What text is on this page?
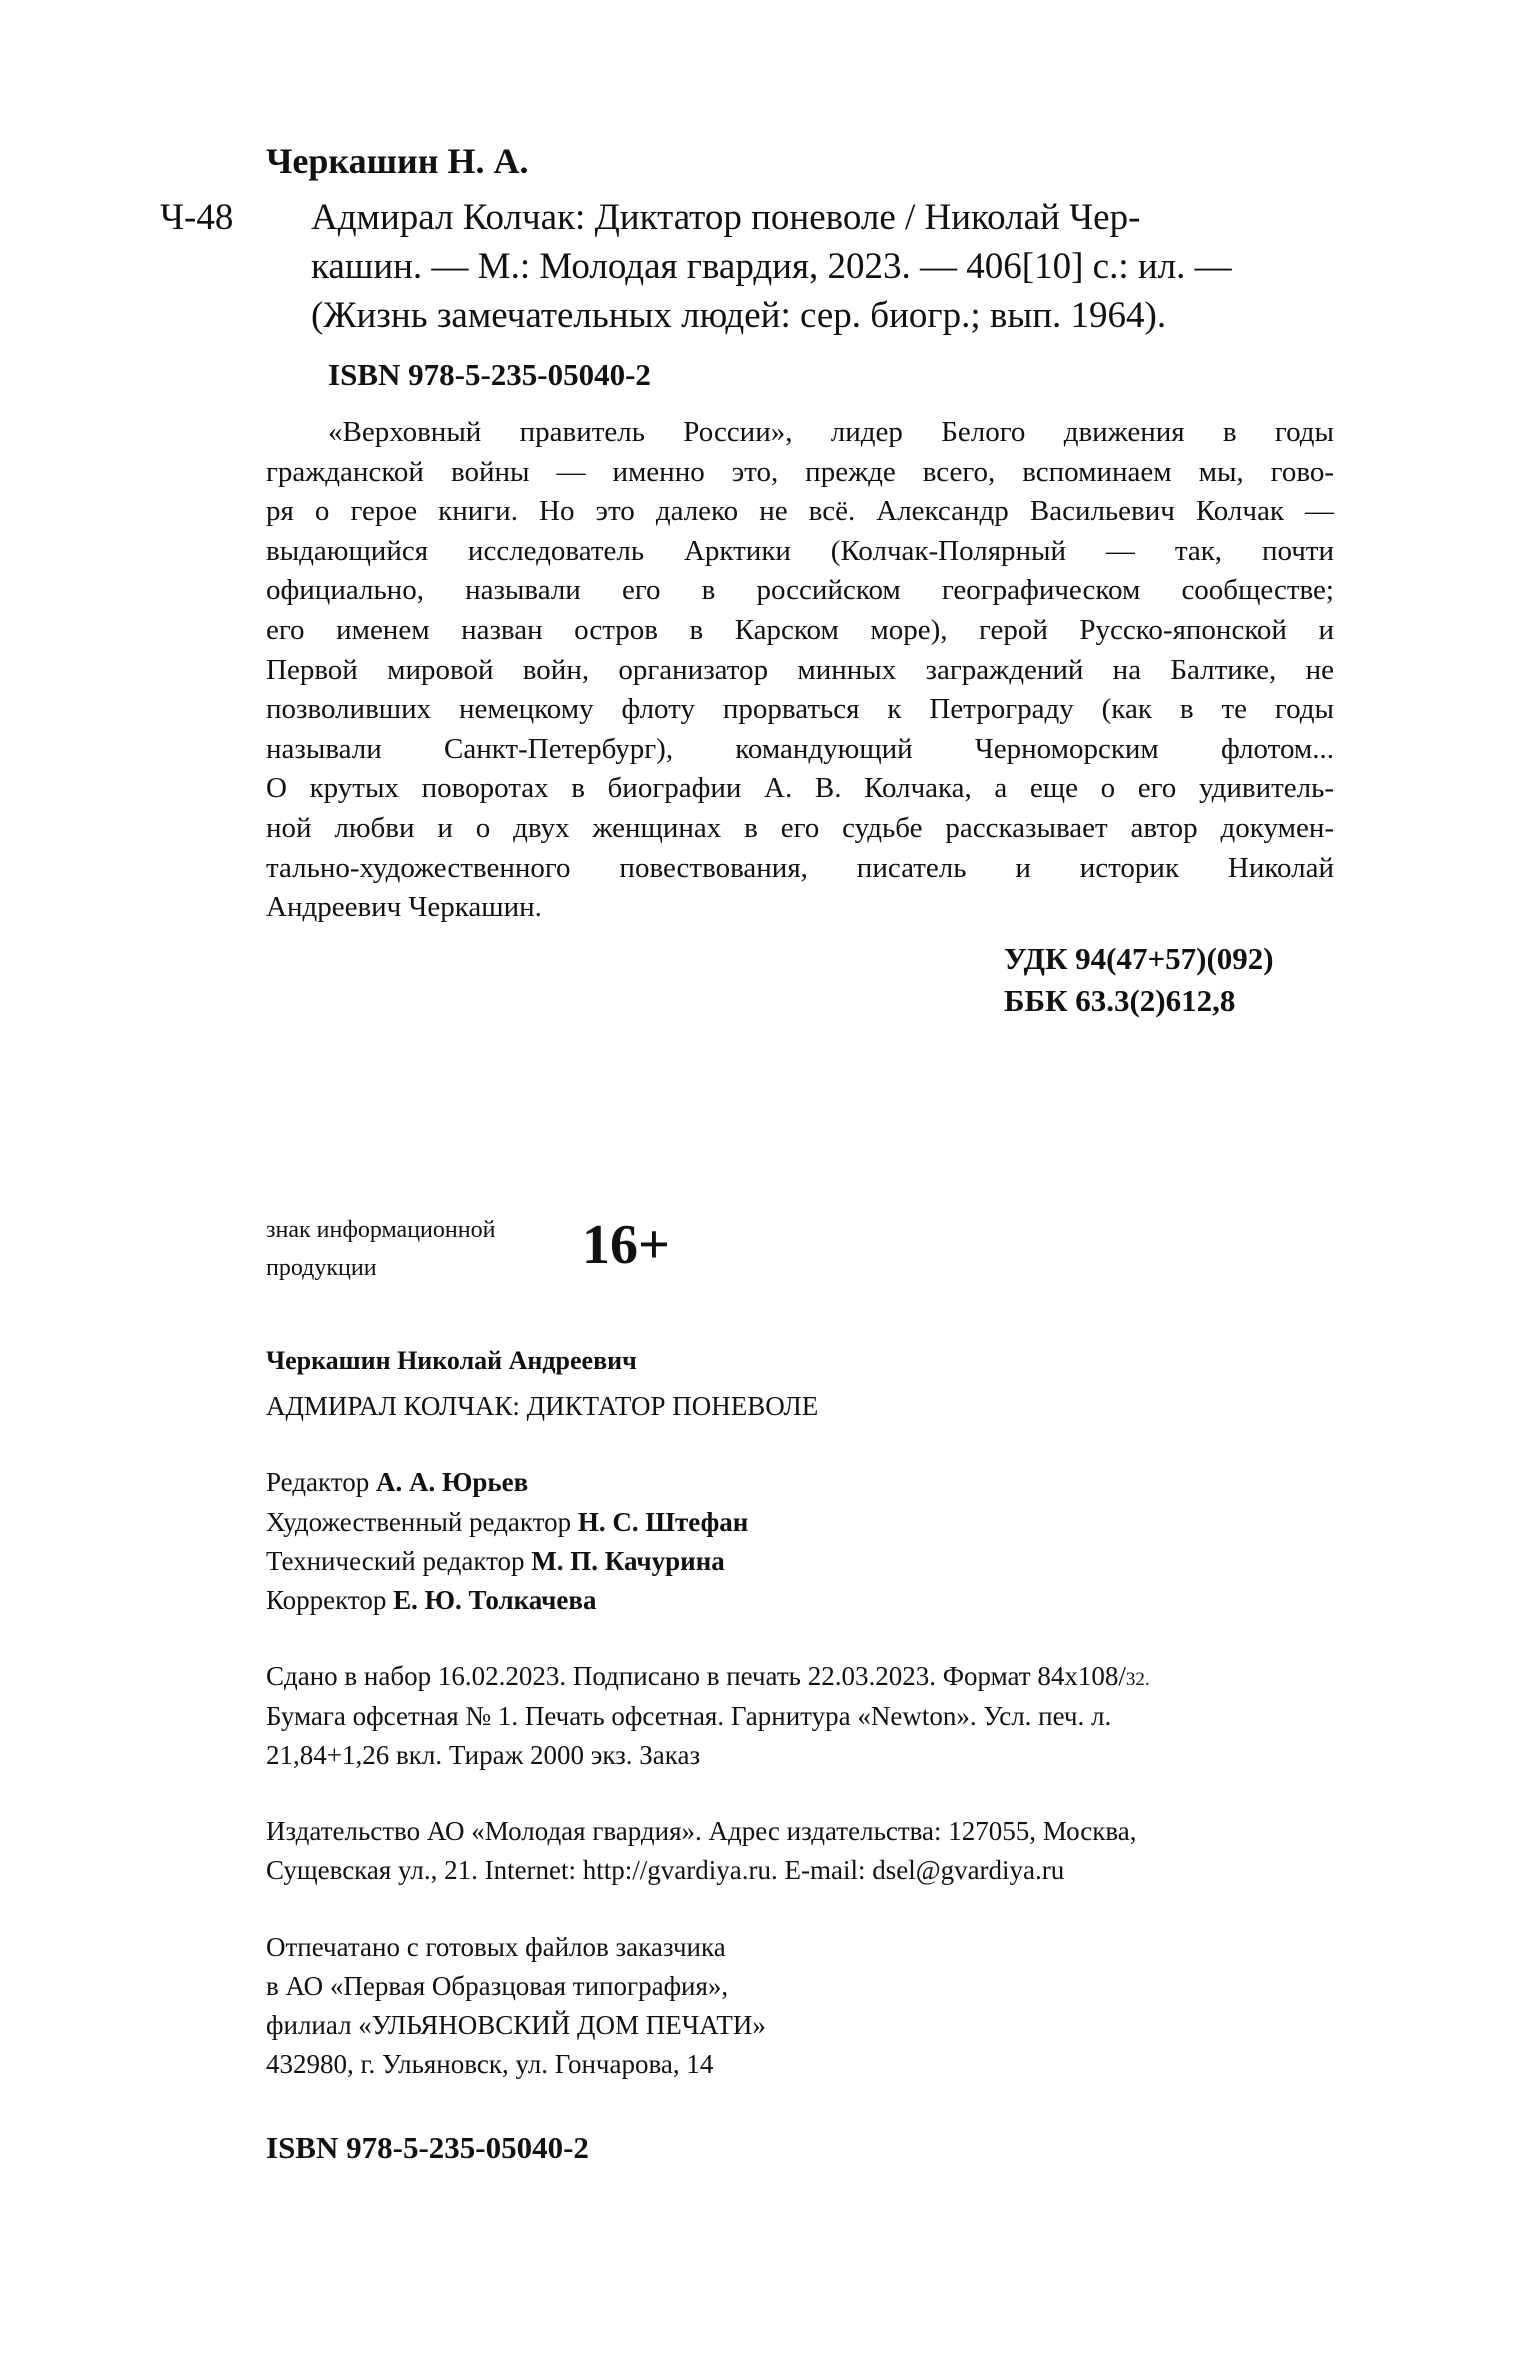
Черкашин Н. А.
Ч-48 Адмирал Колчак: Диктатор поневоле / Николай Чер-
кашин. — М.: Молодая гвардия, 2023. — 406[10] с.: ил. —
(Жизнь замечательных людей: сер. биогр.; вып. 1964).
ISBN 978-5-235-05040-2
«Верховный правитель России», лидер Белого движения в годы
гражданской войны — именно это, прежде всего, вспоминаем мы, гово-
ря о герое книги. Но это далеко не всё. Александр Васильевич Колчак —
выдающийся исследователь Арктики (Колчак-Полярный — так, почти
официально, называли его в российском географическом сообществе;
его именем назван остров в Карском море), герой Русско-японской и
Первой мировой войн, организатор минных заграждений на Балтике, не
позволивших немецкому флоту прорваться к Петрограду (как в те годы
называли Санкт-Петербург), командующий Черноморским флотом...
О крутых поворотах в биографии А. В. Колчака, а еще о его удивитель-
ной любви и о двух женщинах в его судьбе рассказывает автор докумен-
тально-художественного повествования, писатель и историк Николай
Андреевич Черкашин.
УДК 94(47+57)(092)
ББК 63.3(2)612,8
знак информационной
продукции	16+
Черкашин Николай Андреевич
АДМИРАЛ КОЛЧАК: ДИКТАТОР ПОНЕВОЛЕ
Редактор А. А. Юрьев
Художественный редактор Н. С. Штефан
Технический редактор М. П. Качурина
Корректор Е. Ю. Толкачева
Сдано в набор 16.02.2023. Подписано в печать 22.03.2023. Формат 84х108/32.
Бумага офсетная № 1. Печать офсетная. Гарнитура «Newton». Усл. печ. л.
21,84+1,26 вкл. Тираж 2000 экз. Заказ
Издательство АО «Молодая гвардия». Адрес издательства: 127055, Москва,
Сущевская ул., 21. Internet: http://gvardiya.ru. E-mail: dsel@gvardiya.ru
Отпечатано с готовых файлов заказчика
в АО «Первая Образцовая типография»,
филиал «УЛЬЯНОВСКИЙ ДОМ ПЕЧАТИ»
432980, г. Ульяновск, ул. Гончарова, 14
ISBN 978-5-235-05040-2
